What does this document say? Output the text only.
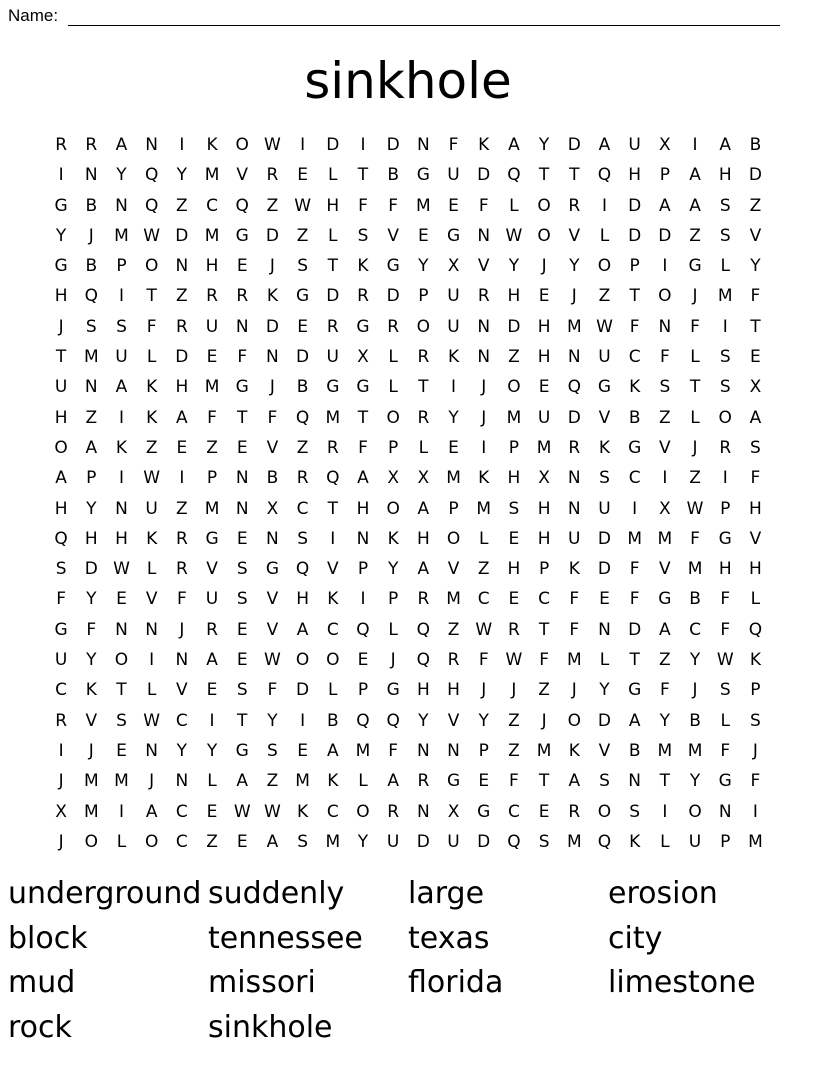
Name:
sinkhole
R	R	A	N	I	K	O W	I	D	I	D	N	F	K	A	Y	D	A	U	X	I	A	B
I	N	Y	Q	Y	M	V	R	E	L	T	B	G	U	D Q	T	T	Q	H	P	A	H	D
G	B	N	Q	Z	C	Q	Z W H	F	F	M	E	F	L	O	R	I	D	A	A	S	Z
Y	J	M W D M G	D	Z	L	S	V	E	G	N W O	V	L	D	D	Z	S	V
G	B	P	O	N	H	E	J	S	T	K	G	Y	X	V	Y	J	Y	O	P	I	G	L	Y
H	Q	I	T	Z	R	R	K	G	D	R	D	P	U	R	H	E	J	Z	T	O	J	M	F
J	S	S	F	R	U	N	D	E	R	G	R	O	U	N	D	H M W F	N	F	I	T
T	M U	L	D	E	F	N	D	U	X	L	R	K	N	Z	H	N	U	C	F	L	S	E
U	N	A	K	H M G	J	B	G	G	L	T	I	J	O	E	Q G	K	S	T	S	X
H	Z	I	K	A	F	T	F	Q M	T	O	R	Y	J	M U	D	V	B	Z	L	O	A
O	A	K	Z	E	Z	E	V	Z	R	F	P	L	E	I	P	M R	K	G	V	J	R	S
A	P	I	W	I	P	N	B	R	Q	A	X	X	M	K	H	X	N	S	C	I	Z	I	F
H	Y	N	U	Z	M N	X	C	T	H	O	A	P	M	S	H	N	U	I	X W P	H
Q	H	H	K	R	G	E	N	S	I	N	K	H	O	L	E	H	U	D M M	F	G	V
S	D W	L	R	V	S	G Q	V	P	Y	A	V	Z	H	P	K	D	F	V	M H	H
F	Y	E	V	F	U	S	V	H	K	I	P	R M C	E	C	F	E	F	G	B	F	L
G	F	N	N	J	R	E	V	A	C	Q	L	Q	Z W R	T	F	N	D	A	C	F	Q
U	Y	O	I	N	A	E W O O	E	J	Q	R	F W F	M	L	T	Z	Y W K
C	K	T	L	V	E	S	F	D	L	P	G	H	H	J	J	Z	J	Y	G	F	J	S	P
R	V	S W C	I	T	Y	I	B	Q Q	Y	V	Y	Z	J	O D	A	Y	B	L	S
I	J	E	N	Y	Y	G	S	E	A	M	F	N	N	P	Z	M	K	V	B	M M	F	J
J	M M	J	N	L	A	Z	M	K	L	A	R	G	E	F	T	A	S	N	T	Y	G	F
X	M	I	A	C	E W W K	C	O	R	N	X	G	C	E	R	O	S	I	O	N	I
J	O	L	O	C	Z	E	A	S	M	Y	U	D	U	D Q	S	M Q	K	L	U	P	M
underground suddenly	large	erosion
block	tennessee	texas	city
mud	missori	florida	limestone
rock	sinkhole
